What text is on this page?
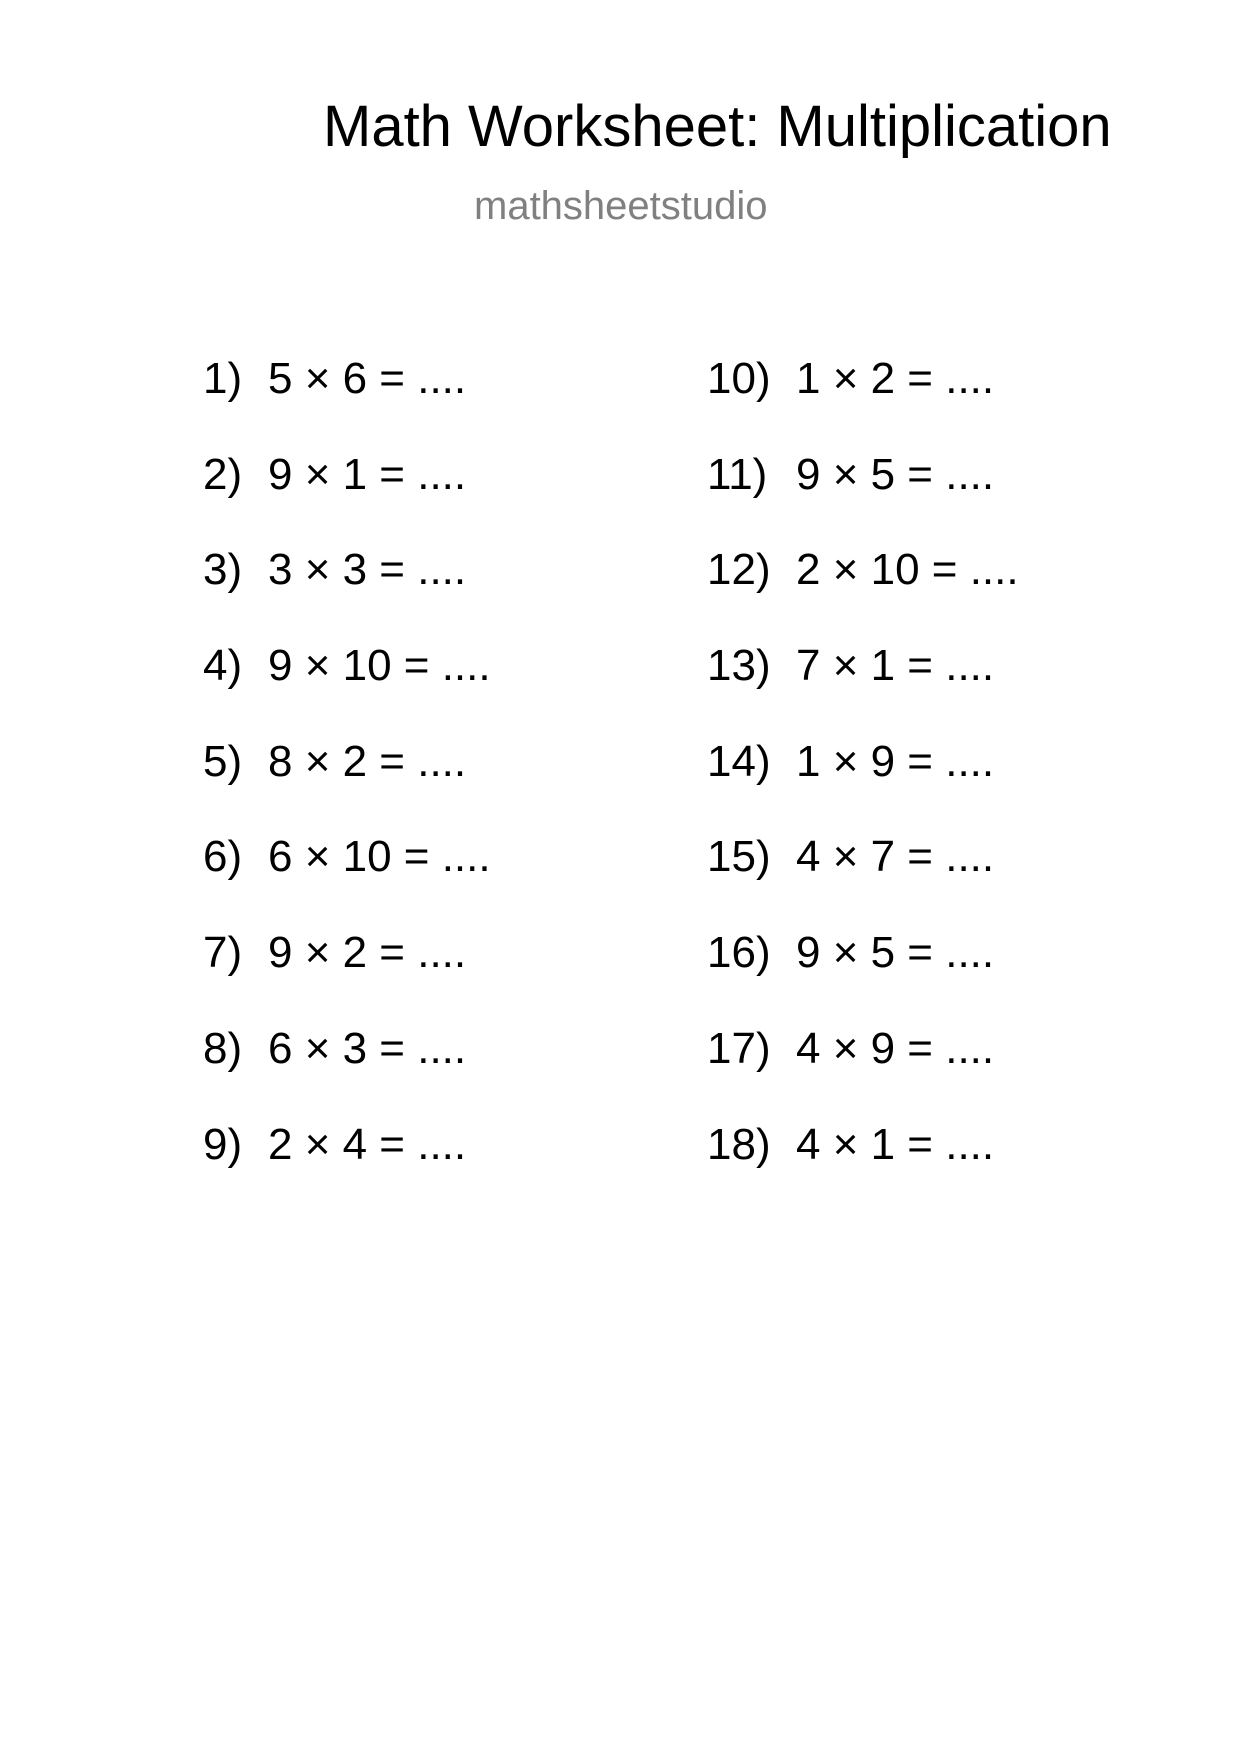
Math Worksheet: Multiplication
mathsheetstudio
1) 5 × 6 = ....
2) 9 × 1 = ....
3) 3 × 3 = ....
4) 9 × 10 = ....
5) 8 × 2 = ....
6) 6 × 10 = ....
7) 9 × 2 = ....
8) 6 × 3 = ....
9) 2 × 4 = ....
10) 1 × 2 = ....
11) 9 × 5 = ....
12) 2 × 10 = ....
13) 7 × 1 = ....
14) 1 × 9 = ....
15) 4 × 7 = ....
16) 9 × 5 = ....
17) 4 × 9 = ....
18) 4 × 1 = ....
